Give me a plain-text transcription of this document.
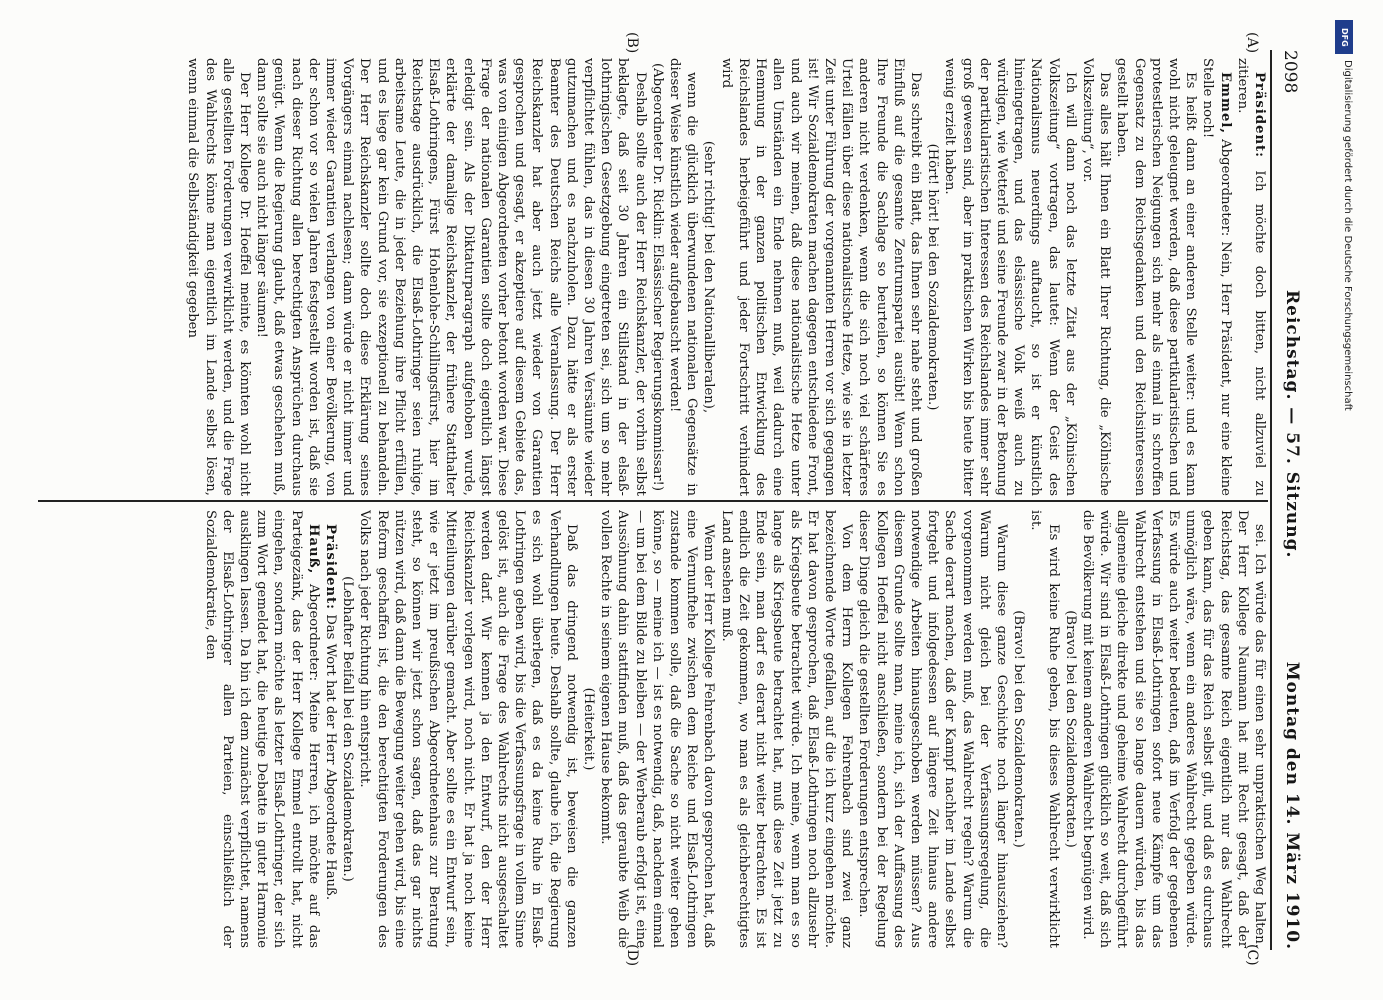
2098
Reichstag. — 57. Sitzung.
Montag den 14. März 1910.
(A)
(B)
(C)
(D)

Präsident: Ich möchte doch bitten, nicht allzuviel zu zitieren.

Emmel, Abgeordneter: Nein, Herr Präsident, nur eine kleine Stelle noch!

Es heißt dann an einer anderen Stelle weiter: und es kann wohl nicht geleugnet werden, daß diese partikularistischen und protestlerischen Neigungen sich mehr als einmal in schroffen Gegensatz zu dem Reichsgedanken und den Reichsinteressen gestellt haben.

Das alles hält Ihnen ein Blatt Ihrer Richtung, die „Kölnische Volkszeitung“, vor.

Ich will dann noch das letzte Zitat aus der „Kölnischen Volkszeitung“ vortragen, das lautet: Wenn der Geist des Nationalismus neuerdings auftaucht, so ist er künstlich hineingetragen, und das elsässische Volk weiß auch zu würdigen, wie Wetterlé und seine Freunde zwar in der Betonung der partikularistischen Interessen des Reichslandes immer sehr groß gewesen sind, aber im praktischen Wirken bis heute bitter wenig erzielt haben.

(Hört! hört! bei den Sozialdemokraten.)

Das schreibt ein Blatt, das Ihnen sehr nahe steht und großen Einfluß auf die gesamte Zentrumspartei ausübt! Wenn schon Ihre Freunde die Sachlage so beurteilen, so können Sie es anderen nicht verdenken, wenn die sich noch viel schärferes Urteil fällen über diese nationalistische Hetze, wie sie in letzter Zeit unter Führung der vorgenannten Herren vor sich gegangen ist! Wir Sozialdemokraten machen dagegen entschiedene Front, und auch wir meinen, daß diese nationalistische Hetze unter allen Umständen ein Ende nehmen muß, weil dadurch eine Hemmung in der ganzen politischen Entwicklung des Reichslandes herbeigeführt und jeder Fortschritt verhindert wird

(sehr richtig! bei den Nationalliberalen),

wenn die glücklich überwundenen nationalen Gegensätze in dieser Weise künstlich wieder aufgebauscht werden!

(Abgeordneter Dr. Ricklin: Elsässischer Regierungskommissar!)

Deshalb sollte auch der Herr Reichskanzler, der vorhin selbst beklagte, daß seit 30 Jahren ein Stillstand in der elsaß-lothringischen Gesetzgebung eingetreten sei, sich um so mehr verpflichtet fühlen, das in diesen 30 Jahren Versäumte wieder gutzumachen und es nachzuholen. Dazu hätte er als erster Beamter des Deutschen Reichs alle Veranlassung. Der Herr Reichskanzler hat aber auch jetzt wieder von Garantien gesprochen und gesagt, er akzeptiere auf diesem Gebiete das, was von einigen Abgeordneten vorher betont worden war. Diese Frage der nationalen Garantien sollte doch eigentlich längst erledigt sein. Als der Diktaturparagraph aufgehoben wurde, erklärte der damalige Reichskanzler, der frühere Statthalter Elsaß-Lothringens, Fürst Hohenlohe-Schillingsfürst, hier im Reichstage ausdrücklich, die Elsaß-Lothringer seien ruhige, arbeitsame Leute, die in jeder Beziehung ihre Pflicht erfüllen, und es liege gar kein Grund vor, sie exzeptionell zu behandeln. Der Herr Reichskanzler sollte doch diese Erklärung seines Vorgängers einmal nachlesen; dann würde er nicht immer und immer wieder Garantien verlangen von einer Bevölkerung, von der schon vor so vielen Jahren festgestellt worden ist, daß sie nach dieser Richtung allen berechtigten Ansprüchen durchaus genügt. Wenn die Regierung glaubt, daß etwas geschehen muß, dann sollte sie auch nicht länger säumen!

Der Herr Kollege Dr. Hoeffel meinte, es könnten wohl nicht alle gestellten Forderungen verwirklicht werden, und die Frage des Wahlrechts könne man eigentlich im Lande selbst lösen, wenn einmal die Selbständigkeit gegeben

sei. Ich würde das für einen sehr unpraktischen Weg halten. Der Herr Kollege Naumann hat mit Recht gesagt, daß der Reichstag, das gesamte Reich eigentlich nur das Wahlrecht geben kann, das für das Reich selbst gilt, und daß es durchaus unmöglich wäre, wenn ein anderes Wahlrecht gegeben würde. Es würde auch weiter bedeuten, daß im Verfolg der gegebenen Verfassung in Elsaß-Lothringen sofort neue Kämpfe um das Wahlrecht entstehen und sie so lange dauern würden, bis das allgemeine gleiche direkte und geheime Wahlrecht durchgeführt würde. Wir sind in Elsaß-Lothringen glücklich so weit, daß sich die Bevölkerung mit keinem anderen Wahlrecht begnügen wird.

(Bravo! bei den Sozialdemokraten.)

Es wird keine Ruhe geben, bis dieses Wahlrecht verwirklicht ist.

(Bravo! bei den Sozialdemokraten.)

Warum diese ganze Geschichte noch länger hinausziehen? Warum nicht gleich bei der Verfassungsregelung, die vorgenommen werden muß, das Wahlrecht regeln? Warum die Sache derart machen, daß der Kampf nachher im Lande selbst fortgeht und infolgedessen auf längere Zeit hinaus andere notwendige Arbeiten hinausgeschoben werden müssen? Aus diesem Grunde sollte man, meine ich, sich der Auffassung des Kollegen Hoeffel nicht anschließen, sondern bei der Regelung dieser Dinge gleich die gestellten Forderungen entsprechen.

Von dem Herrn Kollegen Fehrenbach sind zwei ganz bezeichnende Worte gefallen, auf die ich kurz eingehen möchte. Er hat davon gesprochen, daß Elsaß-Lothringen noch allzusehr als Kriegsbeute betrachtet würde. Ich meine, wenn man es so lange als Kriegsbeute betrachtet hat, muß diese Zeit jetzt zu Ende sein, man darf es derart nicht weiter betrachten. Es ist endlich die Zeit gekommen, wo man es als gleichberechtigtes Land ansehen muß.

Wenn der Herr Kollege Fehrenbach davon gesprochen hat, daß eine Vernunftehe zwischen dem Reiche und Elsaß-Lothringen zustande kommen solle, daß die Sache so nicht weiter gehen könne, so — meine ich — ist es notwendig, daß, nachdem einmal — um bei dem Bilde zu bleiben — der Werberaub erfolgt ist, eine Aussöhnung dahin stattfinden muß, daß das geraubte Weib die vollen Rechte in seinem eigenen Hause bekommt.

(Heiterkeit.)

Daß das dringend notwendig ist, beweisen die ganzen Verhandlungen heute. Deshalb sollte, glaube ich, die Regierung es sich wohl überlegen, daß es da keine Ruhe in Elsaß-Lothringen geben wird, bis die Verfassungsfrage in vollem Sinne gelöst ist, auch die Frage des Wahlrechts nicht ausgeschaltet werden darf. Wir kennen ja den Entwurf, den der Herr Reichskanzler vorlegen wird, noch nicht. Er hat ja noch keine Mitteilungen darüber gemacht. Aber sollte es ein Entwurf sein, wie er jetzt im preußischen Abgeordnetenhaus zur Beratung steht, so können wir jetzt schon sagen, daß das gar nichts nützen wird, daß dann die Bewegung weiter gehen wird, bis eine Reform geschaffen ist, die den berechtigten Forderungen des Volks nach jeder Richtung hin entspricht.

(Lebhafter Beifall bei den Sozialdemokraten.)

Präsident: Das Wort hat der Herr Abgeordnete Hauß.

Hauß, Abgeordneter: Meine Herren, ich möchte auf das Parteigezänk, das der Herr Kollege Emmel entrollt hat, nicht eingehen, sondern möchte als letzter Elsaß-Lothringer, der sich zum Wort gemeldet hat, die heutige Debatte in guter Harmonie ausklingen lassen. Da bin ich dem zunächst verpflichtet, namens der Elsaß-Lothringer allen Parteien, einschließlich der Sozialdemokratie, den

DFG
Digitalisierung gefördert durch die Deutsche Forschungsgemeinschaft
